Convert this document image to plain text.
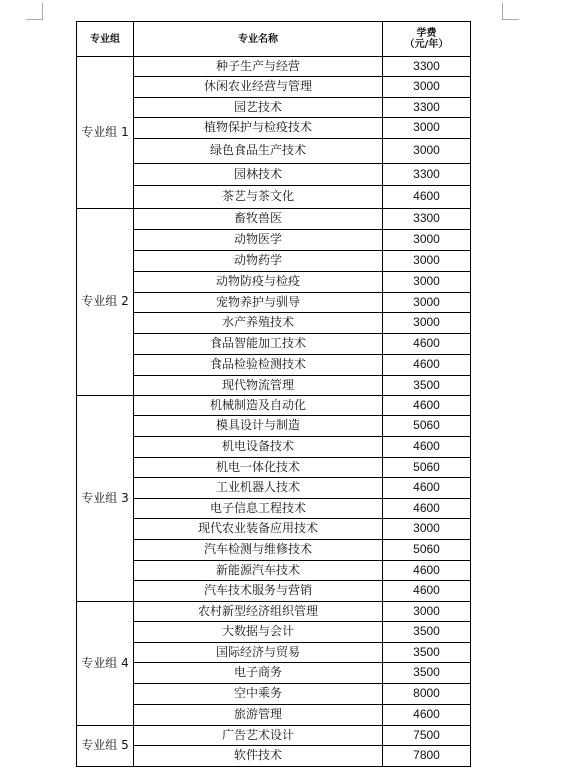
专业组	专业名称	学费
（元/年）

专业组 1	种子生产与经营	3300
	休闲农业经营与管理	3000
	园艺技术	3300
	植物保护与检疫技术	3000
	绿色食品生产技术	3000
	园林技术	3300
	茶艺与茶文化	4600
专业组 2	畜牧兽医	3300
	动物医学	3000
	动物药学	3000
	动物防疫与检疫	3000
	宠物养护与驯导	3000
	水产养殖技术	3000
	食品智能加工技术	4600
	食品检验检测技术	4600
	现代物流管理	3500
专业组 3	机械制造及自动化	4600
	模具设计与制造	5060
	机电设备技术	4600
	机电一体化技术	5060
	工业机器人技术	4600
	电子信息工程技术	4600
	现代农业装备应用技术	3000
	汽车检测与维修技术	5060
	新能源汽车技术	4600
	汽车技术服务与营销	4600
专业组 4	农村新型经济组织管理	3000
	大数据与会计	3500
	国际经济与贸易	3500
	电子商务	3500
	空中乘务	8000
	旅游管理	4600
专业组 5	广告艺术设计	7500
	软件技术	7800
